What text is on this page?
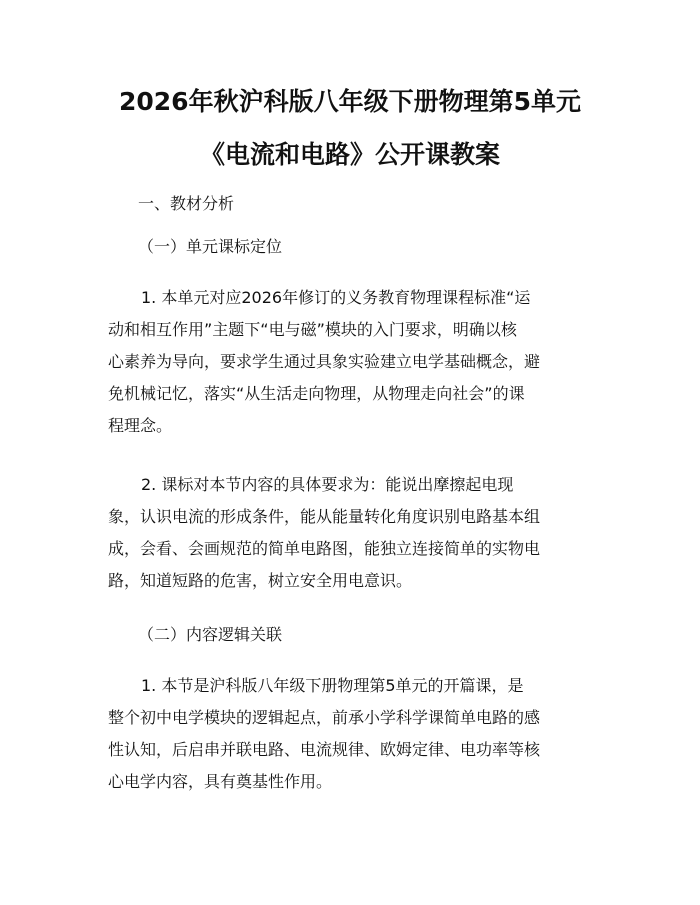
2026年秋沪科版八年级下册物理第5单元
《电流和电路》公开课教案
一、教材分析
（一）单元课标定位
1. 本单元对应2026年修订的义务教育物理课程标准“运
动和相互作用”主题下“电与磁”模块的入门要求，明确以核
心素养为导向，要求学生通过具象实验建立电学基础概念，避
免机械记忆，落实“从生活走向物理，从物理走向社会”的课
程理念。
2. 课标对本节内容的具体要求为：能说出摩擦起电现
象，认识电流的形成条件，能从能量转化角度识别电路基本组
成，会看、会画规范的简单电路图，能独立连接简单的实物电
路，知道短路的危害，树立安全用电意识。
（二）内容逻辑关联
1. 本节是沪科版八年级下册物理第5单元的开篇课，是
整个初中电学模块的逻辑起点，前承小学科学课简单电路的感
性认知，后启串并联电路、电流规律、欧姆定律、电功率等核
心电学内容，具有奠基性作用。
